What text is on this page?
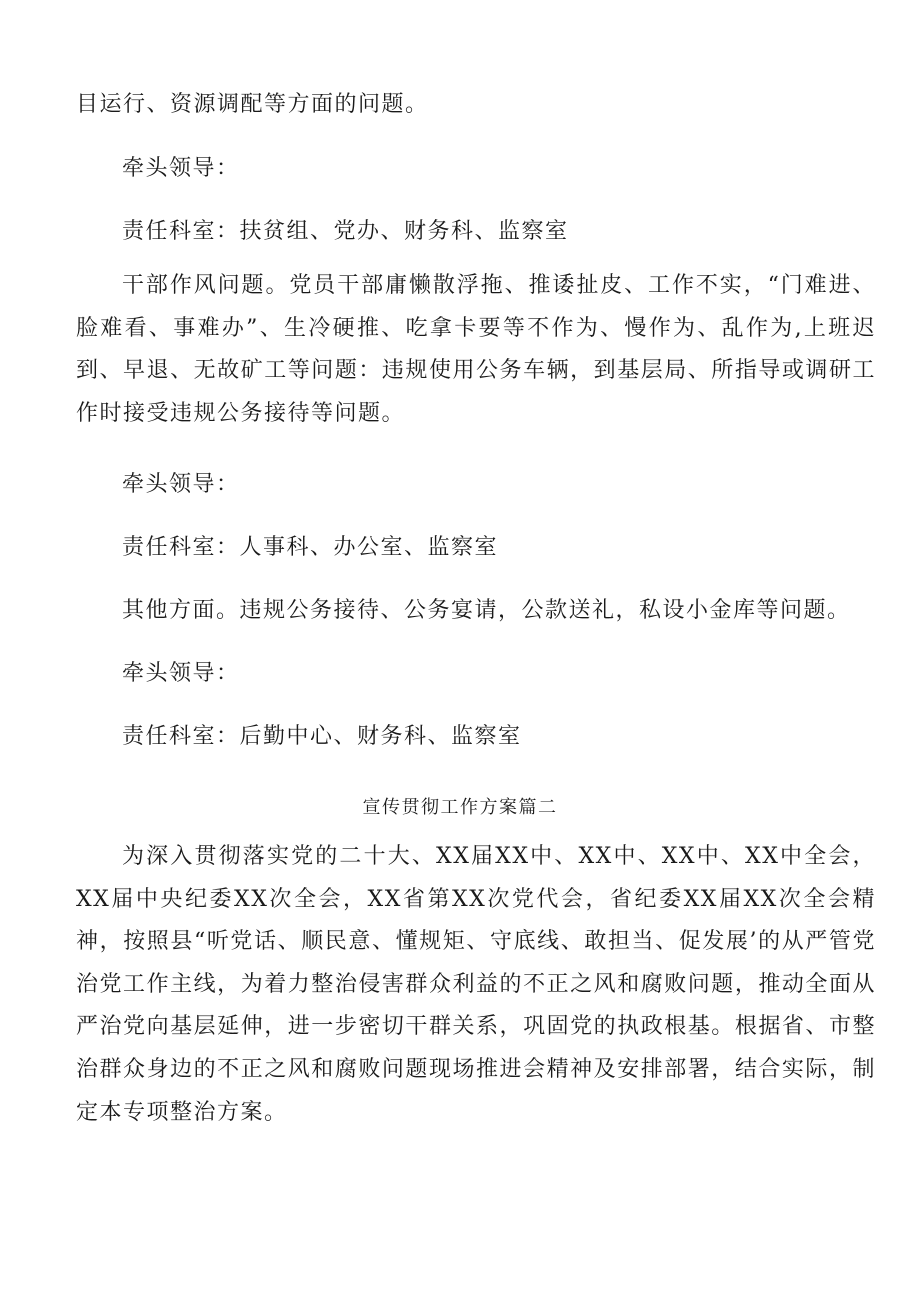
目运行、资源调配等方面的问题。
牵头领导：
责任科室：扶贫组、党办、财务科、监察室
干部作风问题。党员干部庸懒散浮拖、推诿扯皮、工作不实，“门难进、脸难看、事难办”、生冷硬推、吃拿卡要等不作为、慢作为、乱作为,上班迟到、早退、无故矿工等问题：违规使用公务车辆，到基层局、所指导或调研工作时接受违规公务接待等问题。
牵头领导：
责任科室：人事科、办公室、监察室
其他方面。违规公务接待、公务宴请，公款送礼，私设小金库等问题。
牵头领导：
责任科室：后勤中心、财务科、监察室
宣传贯彻工作方案篇二
为深入贯彻落实党的二十大、XX届XX中、XX中、XX中、XX中全会，XX届中央纪委XX次全会，XX省第XX次党代会，省纪委XX届XX次全会精神，按照县“听党话、顺民意、懂规矩、守底线、敢担当、促发展’的从严管党治党工作主线，为着力整治侵害群众利益的不正之风和腐败问题，推动全面从严治党向基层延伸，进一步密切干群关系，巩固党的执政根基。根据省、市整治群众身边的不正之风和腐败问题现场推进会精神及安排部署，结合实际，制定本专项整治方案。
